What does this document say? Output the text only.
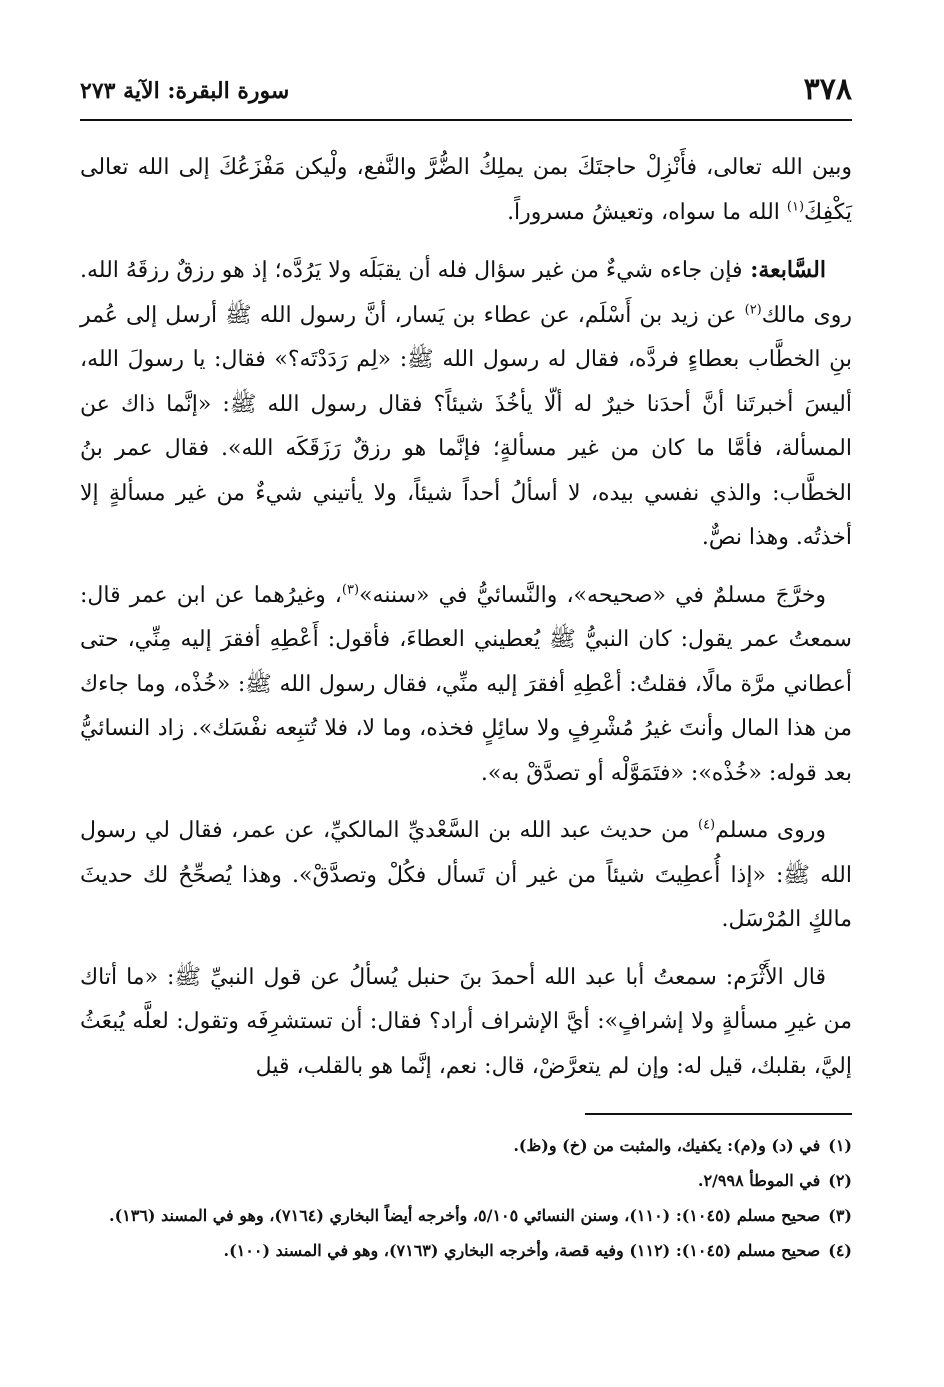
٣٧٨
سورة البقرة: الآية ٢٧٣

وبين الله تعالى، فأَنْزِلْ حاجتَكَ بمن يملِكُ الضُّرَّ والنَّفع، ولْيكن مَفْزَعُكَ إلى الله تعالى يَكْفِكَ$^{(١)}$ الله ما سواه، وتعيشُ مسروراً.

السَّابعة: فإن جاءه شيءٌ من غير سؤال فله أن يقبَلَه ولا يَرُدَّه؛ إذ هو رزقٌ رزقَهُ الله. روى مالك$^{(٢)}$ عن زيد بن أَسْلَم، عن عطاء بن يَسار، أنَّ رسول الله ﷺ أرسل إلى عُمر بنِ الخطَّاب بعطاءٍ فردَّه، فقال له رسول الله ﷺ: «لِم رَدَدْتَه؟» فقال: يا رسولَ الله، أليسَ أخبرتَنا أنَّ أحدَنا خيرٌ له ألّا يأخُذَ شيئاً؟ فقال رسول الله ﷺ: «إنَّما ذاك عن المسألة، فأمَّا ما كان من غير مسألةٍ؛ فإنَّما هو رزقٌ رَزَقَكَه الله». فقال عمر بنُ الخطَّاب: والذي نفسي بيده، لا أسألُ أحداً شيئاً، ولا يأتيني شيءٌ من غير مسألةٍ إلا أخذتُه. وهذا نصٌّ.

وخرَّجَ مسلمٌ في «صحيحه»، والنَّسائيُّ في «سننه»$^{(٣)}$، وغيرُهما عن ابن عمر قال: سمعتُ عمر يقول: كان النبيُّ ﷺ يُعطيني العطاءَ، فأقول: أَعْطِهِ أفقرَ إليه مِنِّي، حتى أعطاني مرَّة مالًا، فقلتُ: أعْطِهِ أفقرَ إليه منِّي، فقال رسول الله ﷺ: «خُذْه، وما جاءك من هذا المال وأنتَ غيرُ مُشْرِفٍ ولا سائِلٍ فخذه، وما لا، فلا تُتبِعه نفْسَك». زاد النسائيُّ بعد قوله: «خُذْه»: «فتَمَوَّلْه أو تصدَّقْ به».

وروى مسلم$^{(٤)}$ من حديث عبد الله بن السَّعْديِّ المالكيِّ، عن عمر، فقال لي رسول الله ﷺ: «إذا أُعطِيتَ شيئاً من غير أن تَسأل فكُلْ وتصدَّقْ». وهذا يُصحِّحُ لك حديثَ مالكٍ المُرْسَل.

قال الأَثْرَم: سمعتُ أبا عبد الله أحمدَ بنَ حنبل يُسألُ عن قول النبيِّ ﷺ: «ما أتاك من غيرِ مسألةٍ ولا إشرافٍ»: أيَّ الإشراف أراد؟ فقال: أن تستشرِفَه وتقول: لعلَّه يُبعَثُ إليَّ، بقلبك، قيل له: وإن لم يتعرَّضْ، قال: نعم، إنَّما هو بالقلب، قيل

(١)في (د) و(م): يكفيك، والمثبت من (خ) و(ظ).

(٢)في الموطأ ٢/٩٩٨.

(٣)صحيح مسلم (١٠٤٥): (١١٠)، وسنن النسائي ٥/١٠٥، وأخرجه أيضاً البخاري (٧١٦٤)، وهو في المسند (١٣٦).

(٤)صحيح مسلم (١٠٤٥): (١١٢) وفيه قصة، وأخرجه البخاري (٧١٦٣)، وهو في المسند (١٠٠).
